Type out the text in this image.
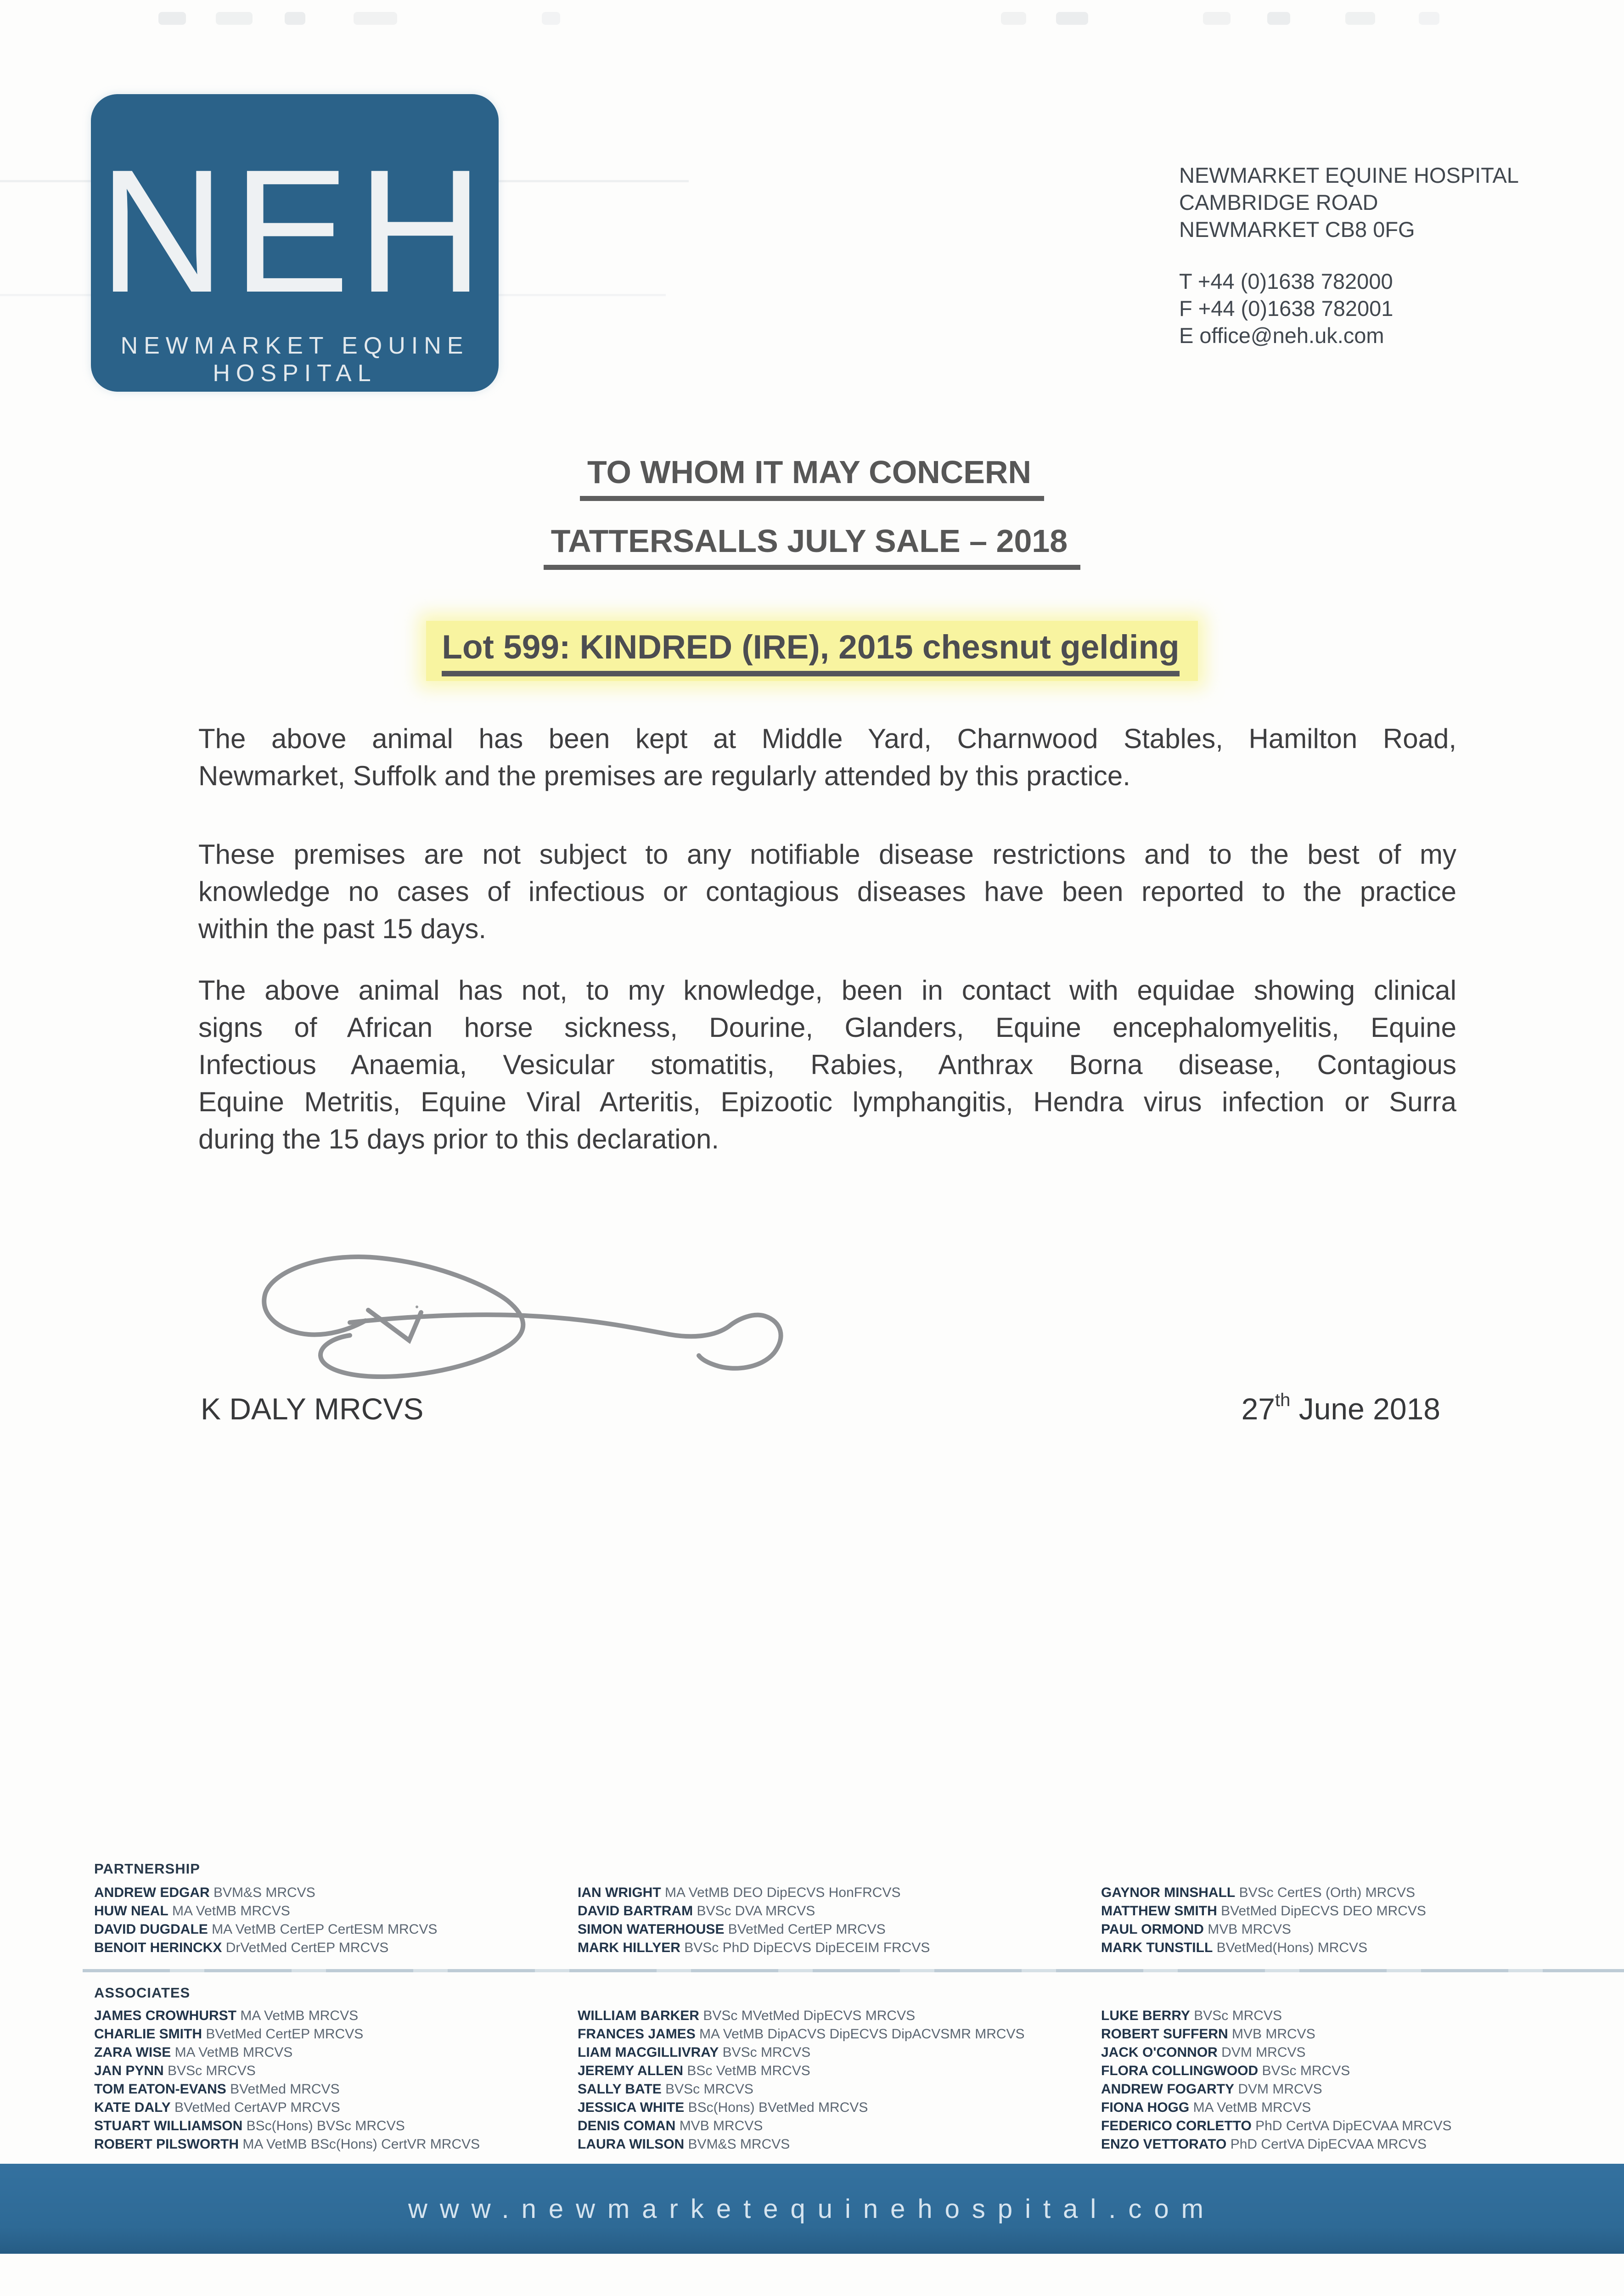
NEH
NEWMARKET EQUINE HOSPITAL
NEWMARKET EQUINE HOSPITAL
CAMBRIDGE ROAD
NEWMARKET CB8 0FG
T +44 (0)1638 782000
F +44 (0)1638 782001
E office@neh.uk.com
TO WHOM IT MAY CONCERN
TATTERSALLS JULY SALE – 2018
Lot 599: KINDRED (IRE), 2015 chesnut gelding
The above animal has been kept at Middle Yard, Charnwood Stables, Hamilton Road,
Newmarket, Suffolk and the premises are regularly attended by this practice.
These premises are not subject to any notifiable disease restrictions and to the best of my
knowledge no cases of infectious or contagious diseases have been reported to the practice
within the past 15 days.
The above animal has not, to my knowledge, been in contact with equidae showing clinical
signs of African horse sickness, Dourine, Glanders, Equine encephalomyelitis, Equine
Infectious Anaemia, Vesicular stomatitis, Rabies, Anthrax Borna disease, Contagious
Equine Metritis, Equine Viral Arteritis, Epizootic lymphangitis, Hendra virus infection or Surra
during the 15 days prior to this declaration.
K DALY MRCVS	27th June 2018
PARTNERSHIP
ANDREW EDGAR BVM&S MRCVS
HUW NEAL MA VetMB MRCVS
DAVID DUGDALE MA VetMB CertEP CertESM MRCVS
BENOIT HERINCKX DrVetMed CertEP MRCVS
IAN WRIGHT MA VetMB DEO DipECVS HonFRCVS
DAVID BARTRAM BVSc DVA MRCVS
SIMON WATERHOUSE BVetMed CertEP MRCVS
MARK HILLYER BVSc PhD DipECVS DipECEIM FRCVS
GAYNOR MINSHALL BVSc CertES (Orth) MRCVS
MATTHEW SMITH BVetMed DipECVS DEO MRCVS
PAUL ORMOND MVB MRCVS
MARK TUNSTILL BVetMed(Hons) MRCVS
ASSOCIATES
JAMES CROWHURST MA VetMB MRCVS
CHARLIE SMITH BVetMed CertEP MRCVS
ZARA WISE MA VetMB MRCVS
JAN PYNN BVSc MRCVS
TOM EATON-EVANS BVetMed MRCVS
KATE DALY BVetMed CertAVP MRCVS
STUART WILLIAMSON BSc(Hons) BVSc MRCVS
ROBERT PILSWORTH MA VetMB BSc(Hons) CertVR MRCVS
WILLIAM BARKER BVSc MVetMed DipECVS MRCVS
FRANCES JAMES MA VetMB DipACVS DipECVS DipACVSMR MRCVS
LIAM MACGILLIVRAY BVSc MRCVS
JEREMY ALLEN BSc VetMB MRCVS
SALLY BATE BVSc MRCVS
JESSICA WHITE BSc(Hons) BVetMed MRCVS
DENIS COMAN MVB MRCVS
LAURA WILSON BVM&S MRCVS
LUKE BERRY BVSc MRCVS
ROBERT SUFFERN MVB MRCVS
JACK O'CONNOR DVM MRCVS
FLORA COLLINGWOOD BVSc MRCVS
ANDREW FOGARTY DVM MRCVS
FIONA HOGG MA VetMB MRCVS
FEDERICO CORLETTO PhD CertVA DipECVAA MRCVS
ENZO VETTORATO PhD CertVA DipECVAA MRCVS
www.newmarketequinehospital.com
